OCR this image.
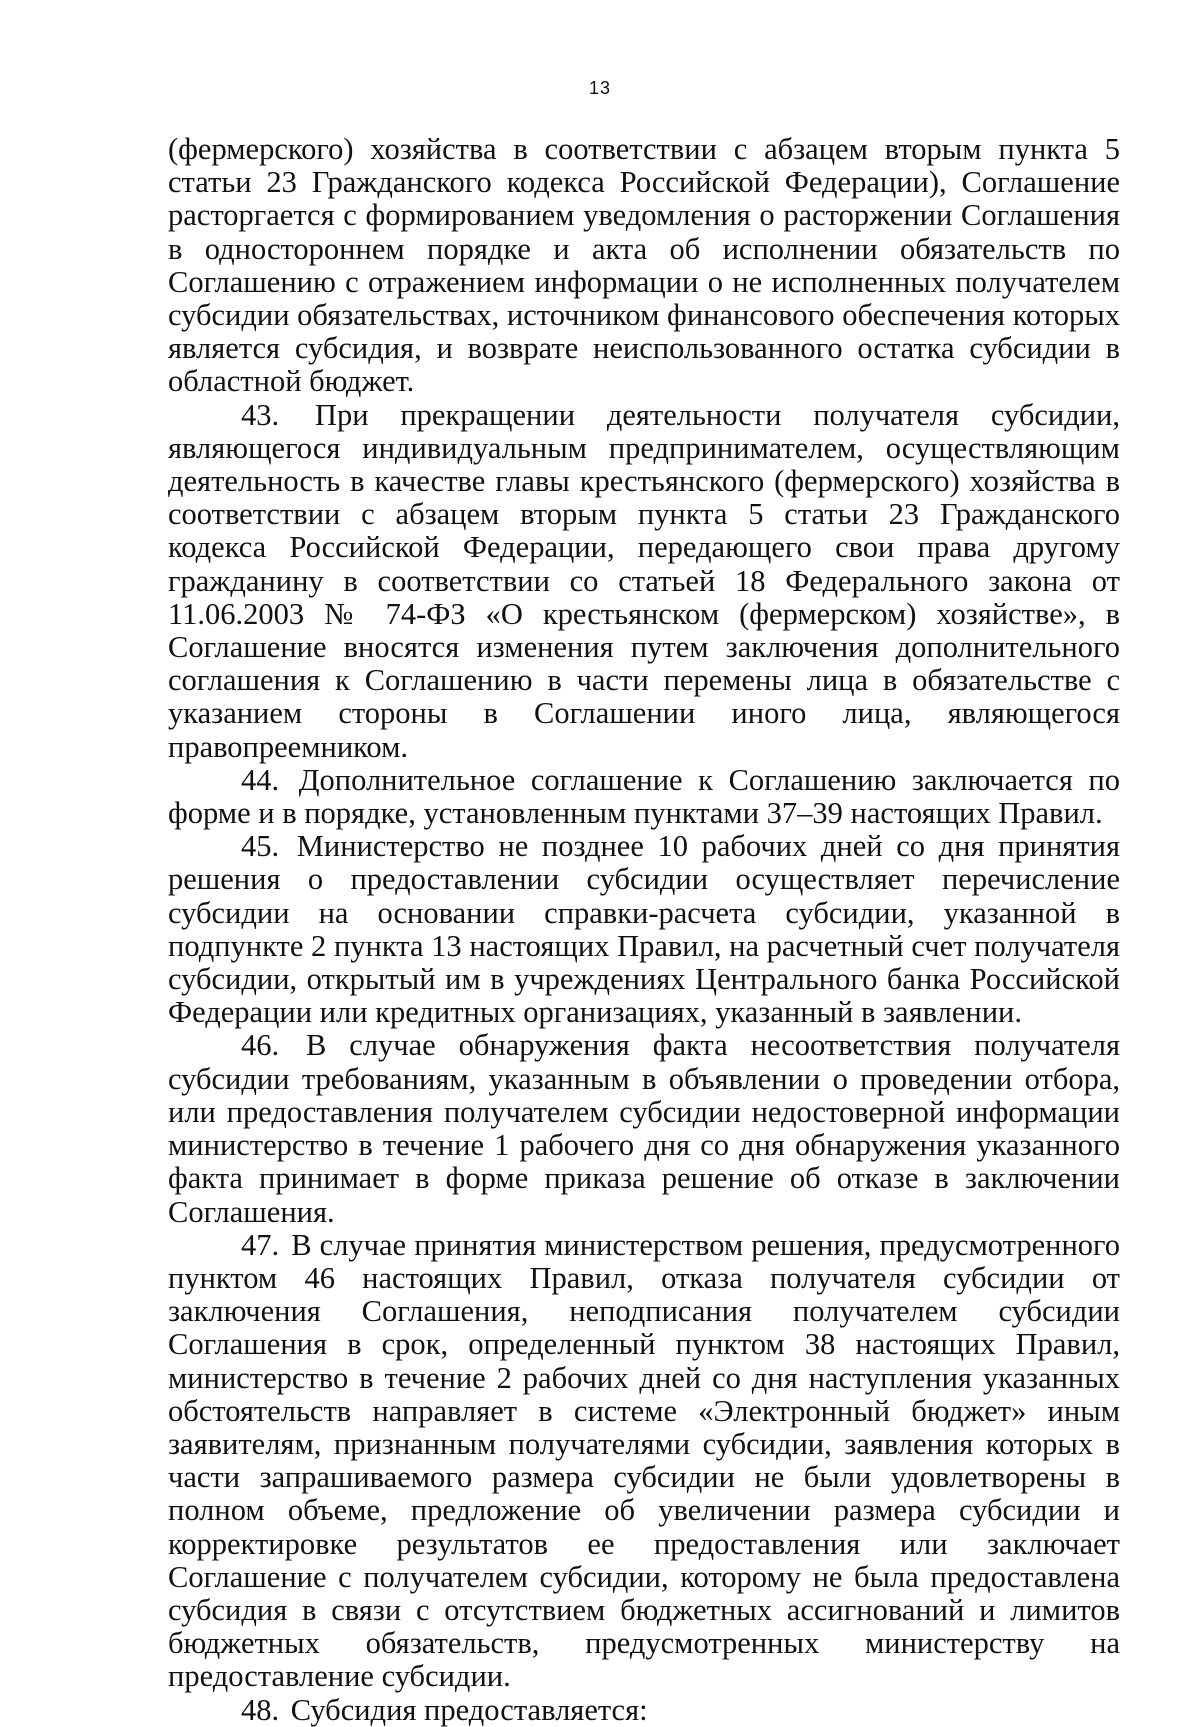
13

(фермерского) хозяйства в соответствии с абзацем вторым пункта 5 статьи 23 Гражданского кодекса Российской Федерации), Соглашение расторгается с формированием уведомления о расторжении Соглашения в одностороннем порядке и акта об исполнении обязательств по Соглашению с отражением информации о не исполненных получателем субсидии обязательствах, источником финансового обеспечения которых является субсидия, и возврате неиспользованного остатка субсидии в областной бюджет.

43. При прекращении деятельности получателя субсидии, являющегося индивидуальным предпринимателем, осуществляющим деятельность в качестве главы крестьянского (фермерского) хозяйства в соответствии с абзацем вторым пункта 5 статьи 23 Гражданского кодекса Российской Федерации, передающего свои права другому гражданину в соответствии со статьей 18 Федерального закона от 11.06.2003 № 74-ФЗ «О крестьянском (фермерском) хозяйстве», в Соглашение вносятся изменения путем заключения дополнительного соглашения к Соглашению в части перемены лица в обязательстве с указанием стороны в Соглашении иного лица, являющегося правопреемником.

44. Дополнительное соглашение к Соглашению заключается по форме и в порядке, установленным пунктами 37–39 настоящих Правил.

45. Министерство не позднее 10 рабочих дней со дня принятия решения о предоставлении субсидии осуществляет перечисление субсидии на основании справки-расчета субсидии, указанной в подпункте 2 пункта 13 настоящих Правил, на расчетный счет получателя субсидии, открытый им в учреждениях Центрального банка Российской Федерации или кредитных организациях, указанный в заявлении.

46. В случае обнаружения факта несоответствия получателя субсидии требованиям, указанным в объявлении о проведении отбора, или предоставления получателем субсидии недостоверной информации министерство в течение 1 рабочего дня со дня обнаружения указанного факта принимает в форме приказа решение об отказе в заключении Соглашения.

47. В случае принятия министерством решения, предусмотренного пунктом 46 настоящих Правил, отказа получателя субсидии от заключения Соглашения, неподписания получателем субсидии Соглашения в срок, определенный пунктом 38 настоящих Правил, министерство в течение 2 рабочих дней со дня наступления указанных обстоятельств направляет в системе «Электронный бюджет» иным заявителям, признанным получателями субсидии, заявления которых в части запрашиваемого размера субсидии не были удовлетворены в полном объеме, предложение об увеличении размера субсидии и корректировке результатов ее предоставления или заключает Соглашение с получателем субсидии, которому не была предоставлена субсидия в связи с отсутствием бюджетных ассигнований и лимитов бюджетных обязательств, предусмотренных министерству на предоставление субсидии.

48. Субсидия предоставляется:
